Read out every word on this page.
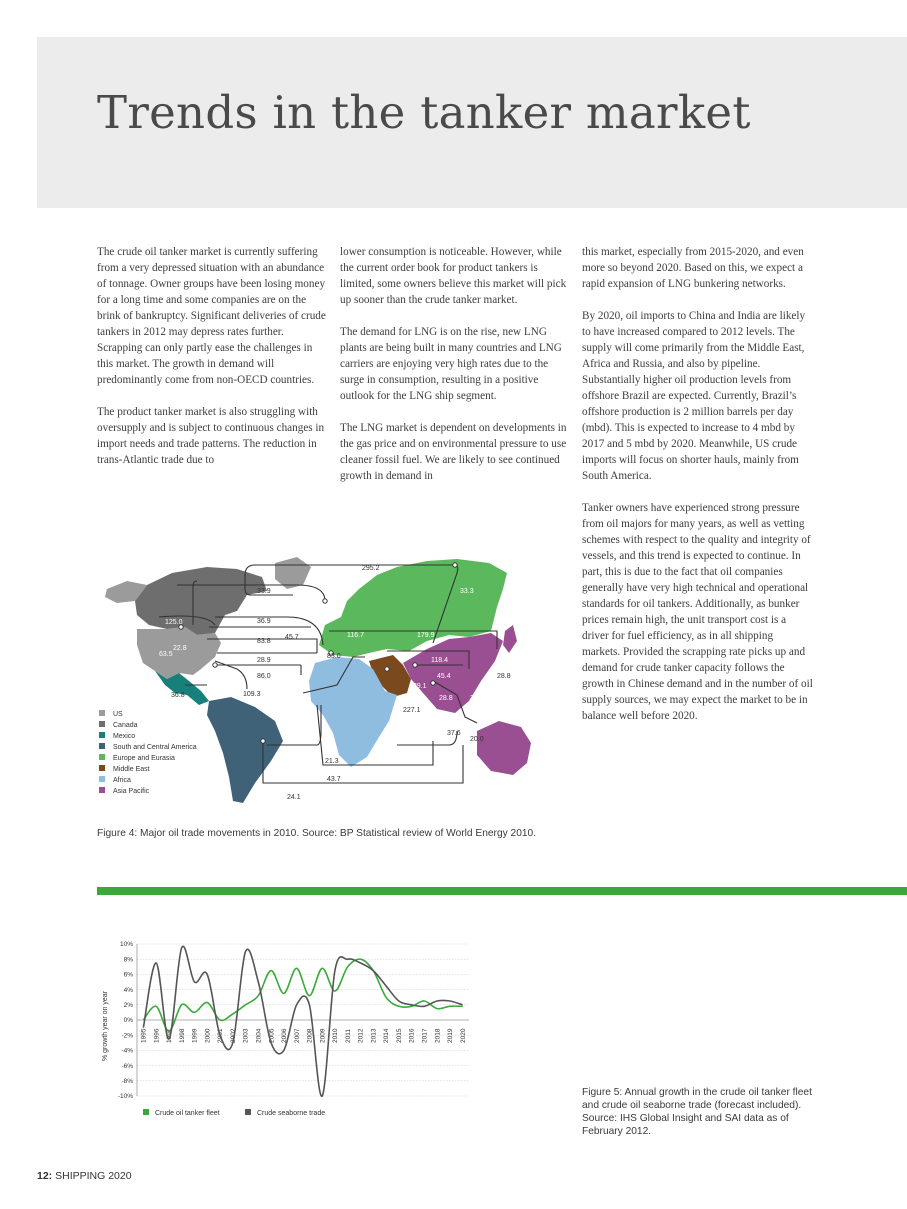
Trends in the tanker market

The crude oil tanker market is currently suffering from a very depressed situation with an abundance of tonnage. Owner groups have been losing money for a long time and some companies are on the brink of bankruptcy. Significant deliveries of crude tankers in 2012 may depress rates further. Scrapping can only partly ease the challenges in this market. The growth in demand will predominantly come from non-OECD countries.

The product tanker market is also struggling with oversupply and is subject to continuous changes in import needs and trade patterns. The reduction in trans-Atlantic trade due to

lower consumption is noticeable. However, while the current order book for product tankers is limited, some owners believe this market will pick up sooner than the crude tanker market.

The demand for LNG is on the rise, new LNG plants are being built in many countries and LNG carriers are enjoying very high rates due to the surge in consumption, resulting in a positive outlook for the LNG ship segment.

The LNG market is dependent on developments in the gas price and on environmental pressure to use cleaner fossil fuel. We are likely to see continued growth in demand in

this market, especially from 2015-2020, and even more so beyond 2020. Based on this, we expect a rapid expansion of LNG bunkering networks.

By 2020, oil imports to China and India are likely to have increased compared to 2012 levels. The supply will come primarily from the Middle East, Africa and Russia, and also by pipeline. Substantially higher oil production levels from offshore Brazil are expected. Currently, Brazil’s offshore production is 2 million barrels per day (mbd). This is expected to increase to 4 mbd by 2017 and 5 mbd by 2020. Meanwhile, US crude imports will focus on shorter hauls, mainly from South America.

Tanker owners have experienced strong pressure from oil majors for many years, as well as vetting schemes with respect to the quality and integrity of vessels, and this trend is expected to continue. In part, this is due to the fact that oil companies generally have very high technical and operational standards for oil tankers. Additionally, as bunker prices remain high, the unit transport cost is a driver for fuel efficiency, as in all shipping markets. Provided the scrapping rate picks up and demand for crude tanker capacity follows the growth in Chinese demand and in the number of oil supply sources, we may expect the market to be in balance well before 2020.

295.2
33.9	33.3
36.9
125.0
83.8
45.7	116.7	179.9
22.8
63.5
28.9
83.0
118.4
86.0	28.8
129.1
45.4
36.8	109.3
28.8 39.5
227.1
37.6
20.0
21.3
43.7
24.1
US
Canada
Mexico
South and Central America
Europe and Eurasia
Middle East
Africa
Asia Pacific
Figure 4: Major oil trade movements in 2010. Source: BP Statistical review of World Energy 2010.
10%
8%
6%
4%
2%
0%
-2%
-4%
-6%
-8%
-10%
1995 1996 1997 1998 1999 2000 2001 2002 2003 2004 2005 2006 2007 2008 2009 2010 2011 2012 2013 2014 2015 2016 2017 2018 2019 2020
% growth year on year
Crude oil tanker fleet	Crude seaborne trade
Figure 5: Annual growth in the crude oil tanker fleet and crude oil seaborne trade (forecast included). Source: IHS Global Insight and SAI data as of February 2012.
12: SHIPPING 2020
